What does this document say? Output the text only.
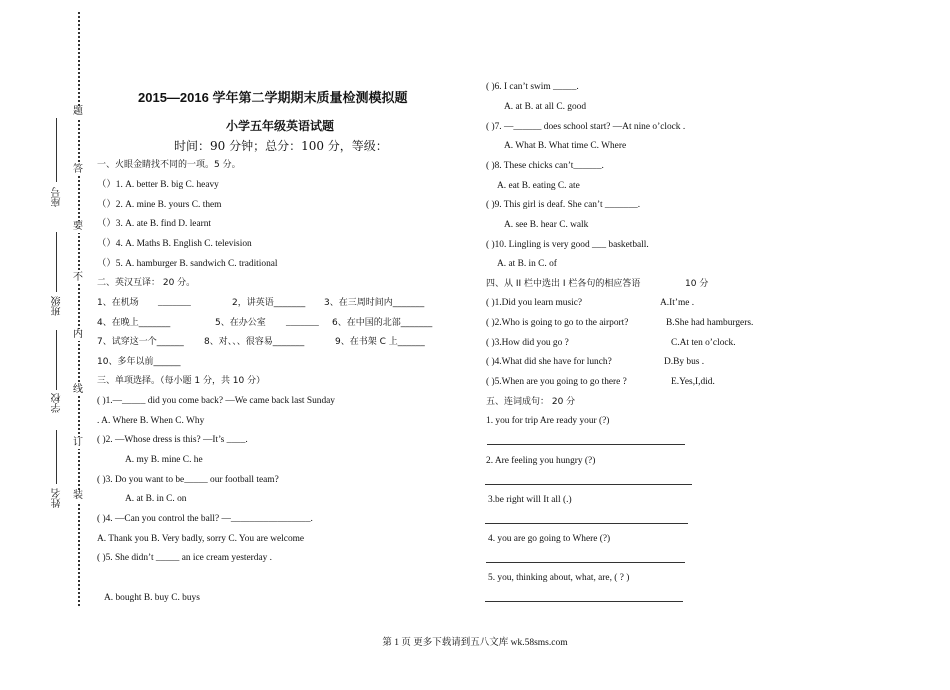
题
答
要
不
内
线
订
装
座号
班级
学校
姓名
2015—2016 学年第二学期期末质量检测模拟题
小学五年级英语试题
时间：90 分钟；总分：100 分，等级：
一、火眼金睛找不同的一项。5 分。
（）1. A. better B. big C. heavy
（）2. A. mine B. yours C. them
（）3. A. ate B. find D. learnt
（）4. A. Maths B. English C. television
（）5. A. hamburger B. sandwich C. traditional
二、英汉互译： 20 分。
1、在机场 _______	2，讲英语_______ 3、在三周时间内_______
4、在晚上_______	5、在办公室 _______ 6、在中国的北部_______
7、试穿这一个______ 8、对、、、很容易_______	9、在书架 C 上______
10、多年以前______
三、单项选择。（每小题 1 分，共 10 分）
( )1.—_____ did you come back? —We came back last Sunday
. A. Where B. When C. Why
( )2. —Whose dress is this? —It’s ____.
A. my B. mine C. he
( )3. Do you want to be_____ our football team?
A. at B. in C. on
( )4. —Can you control the ball? —_________________.
A. Thank you B. Very badly, sorry C. You are welcome
( )5. She didn’t _____ an ice cream yesterday .
A. bought B. buy C. buys
( )6. I can’t swim _____.
A. at B. at all C. good
( )7. —______ does school start? —At nine o’clock .
A. What B. What time C. Where
( )8. These chicks can’t______.
A. eat B. eating C. ate
( )9. This girl is deaf. She can’t _______.
A. see B. hear C. walk
( )10. Lingling is very good ___ basketball.
A. at B. in C. of
四、从 II 栏中选出 I 栏各句的相应答语	10 分
( )1.Did you learn music?	A.It’me .
( )2.Who is going to go to the airport?	B.She had hamburgers.
( )3.How did you go ?	C.At ten o’clock.
( )4.What did she have for lunch?	D.By bus .
( )5.When are you going to go there ?	E.Yes,I,did.
五、连词成句： 20 分
1. you for trip Are ready your (?)
2. Are feeling you hungry (?)
3.be right will It all (.)
4. you are go going to Where (?)
5. you, thinking about, what, are, ( ? )
第 1 页 更多下载请到五八文库 wk.58sms.com
